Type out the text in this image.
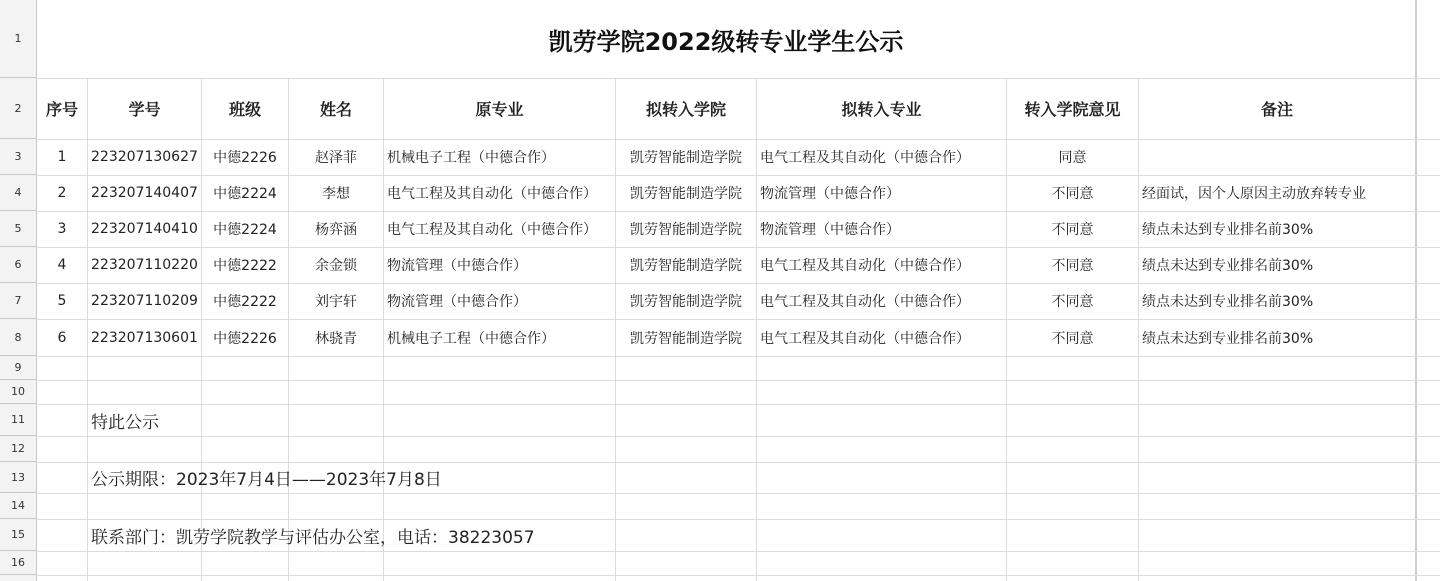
1
2
3
4
5
6
7
8
9
10
11
12
13
14
15
16
凯劳学院2022级转专业学生公示
序号	学号	班级	姓名	原专业	拟转入学院	拟转入专业	转入学院意见	备注
1	223207130627	中德2226	赵泽菲	机械电子工程（中德合作）	凯劳智能制造学院	电气工程及其自动化（中德合作）	同意
2	223207140407	中德2224	李想	电气工程及其自动化（中德合作）	凯劳智能制造学院	物流管理（中德合作）	不同意	经面试，因个人原因主动放弃转专业
3	223207140410	中德2224	杨弈涵	电气工程及其自动化（中德合作）	凯劳智能制造学院	物流管理（中德合作）	不同意	绩点未达到专业排名前30%
4	223207110220	中德2222	余金锁	物流管理（中德合作）	凯劳智能制造学院	电气工程及其自动化（中德合作）	不同意	绩点未达到专业排名前30%
5	223207110209	中德2222	刘宇轩	物流管理（中德合作）	凯劳智能制造学院	电气工程及其自动化（中德合作）	不同意	绩点未达到专业排名前30%
6	223207130601	中德2226	林骁青	机械电子工程（中德合作）	凯劳智能制造学院	电气工程及其自动化（中德合作）	不同意	绩点未达到专业排名前30%
特此公示
公示期限：2023年7月4日——2023年7月8日
联系部门：凯劳学院教学与评估办公室，电话：38223057
